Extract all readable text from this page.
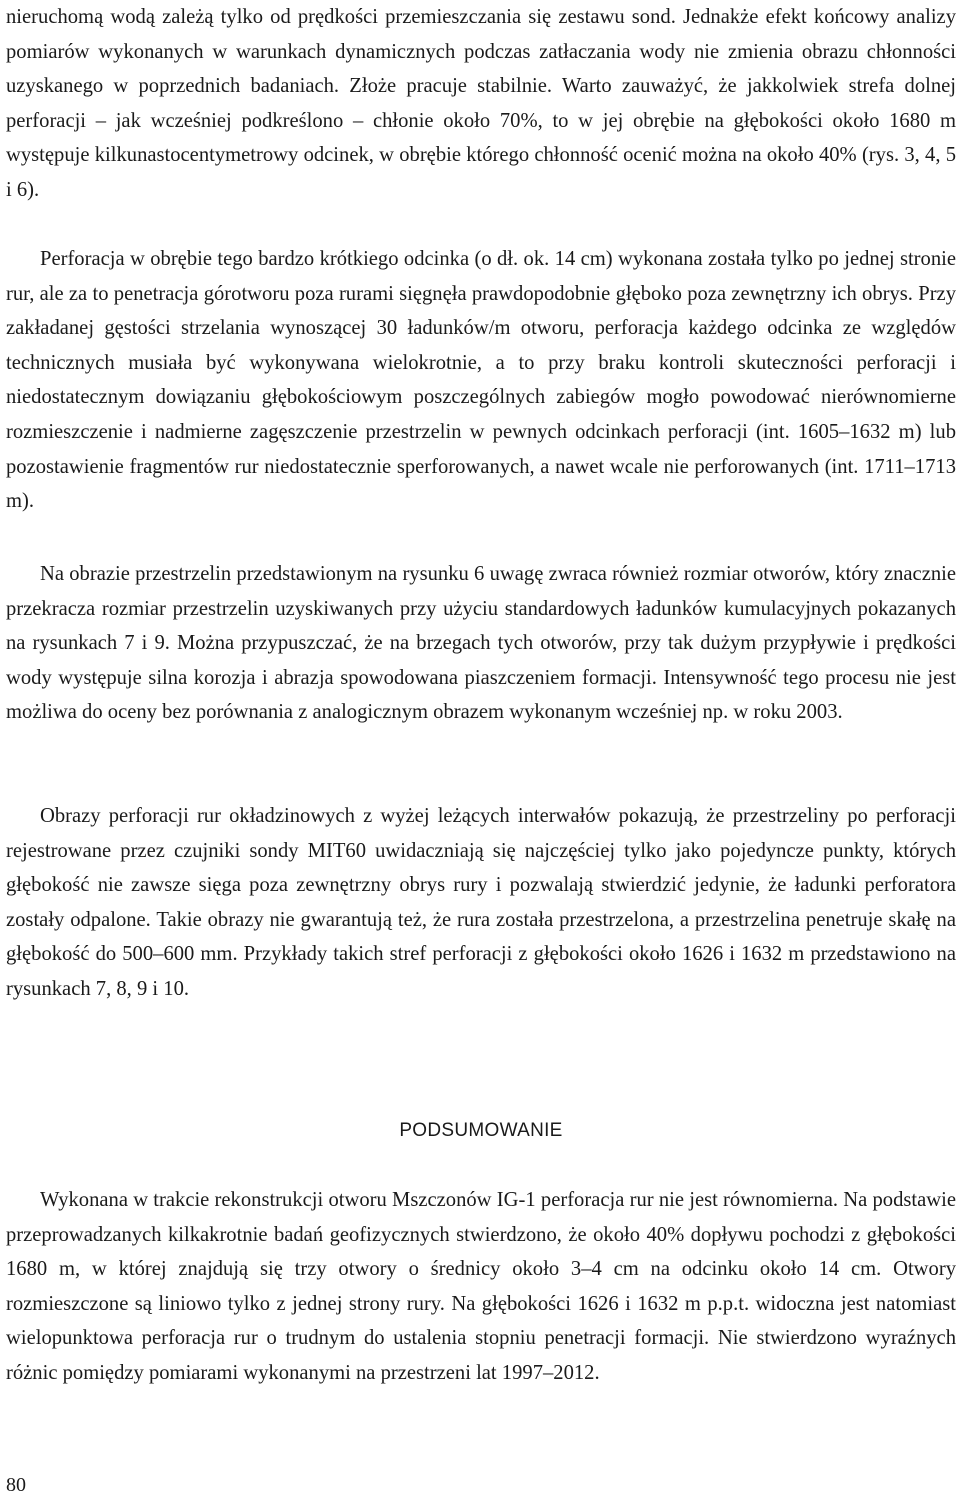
nieruchomą wodą zależą tylko od prędkości przemieszczania się zestawu sond. Jednakże efekt końcowy analizy pomiarów wykonanych w warunkach dynamicznych podczas zatłaczania wody nie zmienia obrazu chłonności uzyskanego w poprzednich badaniach. Złoże pracuje stabilnie. Warto zauważyć, że jakkolwiek strefa dolnej perforacji – jak wcześniej podkreślono – chłonie około 70%, to w jej obrębie na głębokości około 1680 m występuje kilkunastocentymetrowy odcinek, w obrębie którego chłonność ocenić można na około 40% (rys. 3, 4, 5 i 6).

Perforacja w obrębie tego bardzo krótkiego odcinka (o dł. ok. 14 cm) wykonana została tylko po jednej stronie rur, ale za to penetracja górotworu poza rurami sięgnęła prawdopodobnie głęboko poza zewnętrzny ich obrys. Przy zakładanej gęstości strzelania wynoszącej 30 ładunków/m otworu, perforacja każdego odcinka ze względów technicznych musiała być wykonywana wielokrotnie, a to przy braku kontroli skuteczności perforacji i niedostatecznym dowiązaniu głębokościowym poszczególnych zabiegów mogło powodować nierównomierne rozmieszczenie i nadmierne zagęszczenie przestrzelin w pewnych odcinkach perforacji (int. 1605–1632 m) lub pozostawienie fragmentów rur niedostatecznie sperforowanych, a nawet wcale nie perforowanych (int. 1711–1713 m).

Na obrazie przestrzelin przedstawionym na rysunku 6 uwagę zwraca również rozmiar otworów, który znacznie przekracza rozmiar przestrzelin uzyskiwanych przy użyciu standardowych ładunków kumulacyjnych pokazanych na rysunkach 7 i 9. Można przypuszczać, że na brzegach tych otworów, przy tak dużym przypływie i prędkości wody występuje silna korozja i abrazja spowodowana piaszczeniem formacji. Intensywność tego procesu nie jest możliwa do oceny bez porównania z analogicznym obrazem wykonanym wcześniej np. w roku 2003.

Obrazy perforacji rur okładzinowych z wyżej leżących interwałów pokazują, że przestrzeliny po perforacji rejestrowane przez czujniki sondy MIT60 uwidaczniają się najczęściej tylko jako pojedyncze punkty, których głębokość nie zawsze sięga poza zewnętrzny obrys rury i pozwalają stwierdzić jedynie, że ładunki perforatora zostały odpalone. Takie obrazy nie gwarantują też, że rura została przestrzelona, a przestrzelina penetruje skałę na głębokość do 500–600 mm. Przykłady takich stref perforacji z głębokości około 1626 i 1632 m przedstawiono na rysunkach 7, 8, 9 i 10.

PODSUMOWANIE

Wykonana w trakcie rekonstrukcji otworu Mszczonów IG-1 perforacja rur nie jest równomierna. Na podstawie przeprowadzanych kilkakrotnie badań geofizycznych stwierdzono, że około 40% dopływu pochodzi z głębokości 1680 m, w której znajdują się trzy otwory o średnicy około 3–4 cm na odcinku około 14 cm. Otwory rozmieszczone są liniowo tylko z jednej strony rury. Na głębokości 1626 i 1632 m p.p.t. widoczna jest natomiast wielopunktowa perforacja rur o trudnym do ustalenia stopniu penetracji formacji. Nie stwierdzono wyraźnych różnic pomiędzy pomiarami wykonanymi na przestrzeni lat 1997–2012.

80
